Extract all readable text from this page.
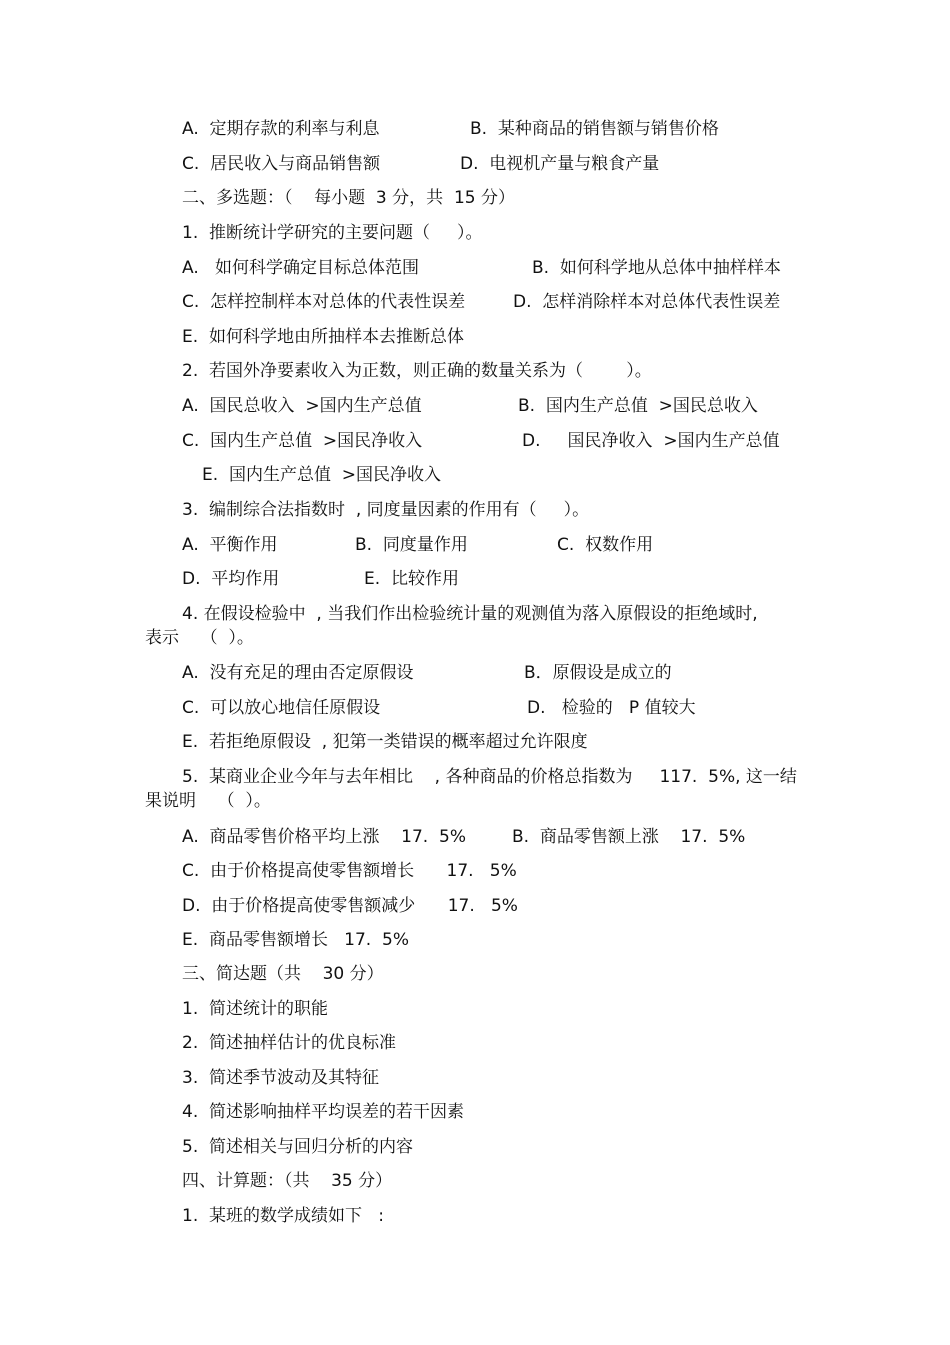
A.  定期存款的利率与利息	B.  某种商品的销售额与销售价格
C.  居民收入与商品销售额	D.  电视机产量与粮食产量
二、多选题：（    每小题  3 分，共  15 分）
1.  推断统计学研究的主要问题（     ）。
A.   如何科学确定目标总体范围	B.  如何科学地从总体中抽样样本
C.  怎样控制样本对总体的代表性误差	D.  怎样消除样本对总体代表性误差
E.  如何科学地由所抽样本去推断总体
2.  若国外净要素收入为正数，则正确的数量关系为（        ）。
A.  国民总收入  >国内生产总值	B.  国内生产总值  >国民总收入
C.  国内生产总值  >国民净收入	D.     国民净收入  >国内生产总值
E.  国内生产总值  >国民净收入
3.  编制综合法指数时  , 同度量因素的作用有（     ）。
A.  平衡作用	B.  同度量作用	C.  权数作用
D.  平均作用	E.  比较作用
4. 在假设检验中  , 当我们作出检验统计量的观测值为落入原假设的拒绝域时,
表示    （  ）。
A.  没有充足的理由否定原假设	B．原假设是成立的
C.  可以放心地信任原假设	D.   检验的   P 值较大
E.  若拒绝原假设  , 犯第一类错误的概率超过允许限度
5.  某商业企业今年与去年相比    , 各种商品的价格总指数为     117.  5%, 这一结
果说明    （  ）。
A.  商品零售价格平均上涨    17.  5%	B.  商品零售额上涨    17.  5%
C.  由于价格提高使零售额增长      17.   5%
D.  由于价格提高使零售额减少      17.   5%
E.  商品零售额增长   17.  5%
三、简达题（共    30 分）
1.  简述统计的职能
2.  简述抽样估计的优良标准
3.  简述季节波动及其特征
4.  简述影响抽样平均误差的若干因素
5.  简述相关与回归分析的内容
四、计算题：（共    35 分）
1.  某班的数学成绩如下   :
